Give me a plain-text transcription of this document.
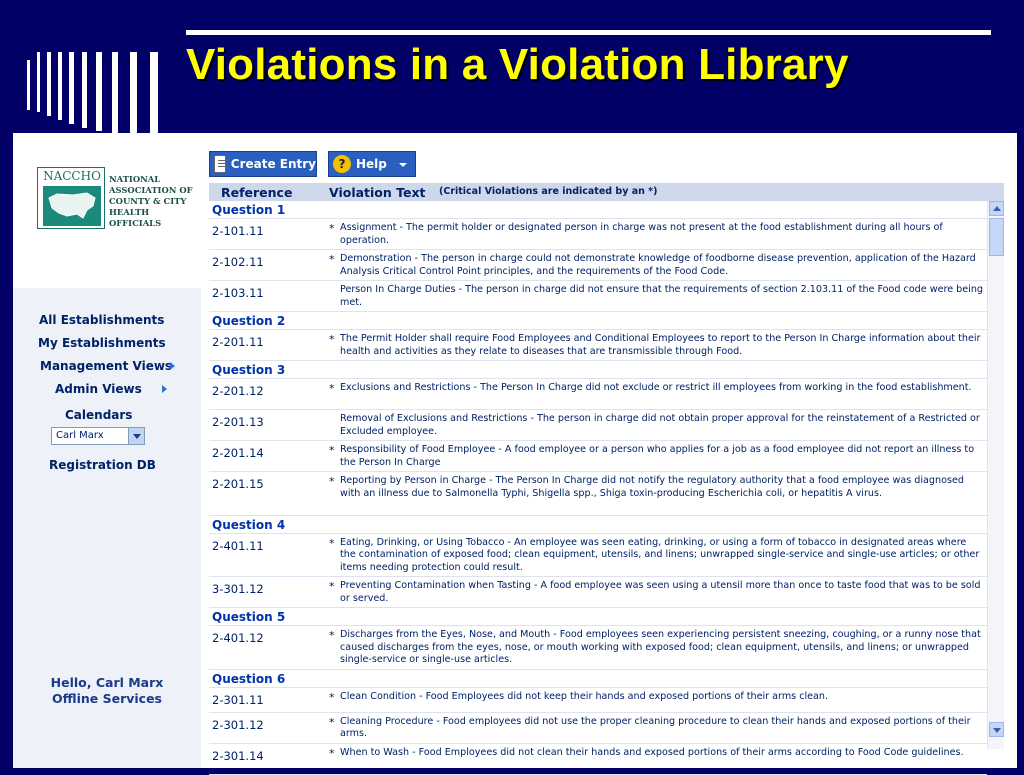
Violations in a Violation Library
NACCHO NATIONAL
ASSOCIATION OF
COUNTY & CITY
HEALTH OFFICIALS
All Establishments
My Establishments
Management Views
Admin Views
Calendars
Carl Marx
Registration DB
Hello, Carl Marx
Offline Services
Create Entry
?	Help
Reference	Violation Text (Critical Violations are indicated by an *)
Question 1
2-101.11	* Assignment - The permit holder or designated person in charge was not present at the food establishment during all hours of operation.
2-102.11	* Demonstration - The person in charge could not demonstrate knowledge of foodborne disease prevention, application of the Hazard Analysis Critical Control Point principles, and the requirements of the Food Code.
2-103.11	Person In Charge Duties - The person in charge did not ensure that the requirements of section 2.103.11 of the Food code were being met.
Question 2
2-201.11	* The Permit Holder shall require Food Employees and Conditional Employees to report to the Person In Charge information about their health and activities as they relate to diseases that are transmissible through Food.
Question 3
2-201.12	* Exclusions and Restrictions - The Person In Charge did not exclude or restrict ill employees from working in the food establishment.
2-201.13	Removal of Exclusions and Restrictions - The person in charge did not obtain proper approval for the reinstatement of a Restricted or Excluded employee.
2-201.14	* Responsibility of Food Employee - A food employee or a person who applies for a job as a food employee did not report an illness to the Person In Charge
2-201.15	* Reporting by Person in Charge - The Person In Charge did not notify the regulatory authority that a food employee was diagnosed with an illness due to Salmonella Typhi, Shigella spp., Shiga toxin-producing Escherichia coli, or hepatitis A virus.
Question 4
2-401.11	* Eating, Drinking, or Using Tobacco - An employee was seen eating, drinking, or using a form of tobacco in designated areas where the contamination of exposed food; clean equipment, utensils, and linens; unwrapped single-service and single-use articles; or other items needing protection could result.
3-301.12	* Preventing Contamination when Tasting - A food employee was seen using a utensil more than once to taste food that was to be sold or served.
Question 5
2-401.12	* Discharges from the Eyes, Nose, and Mouth - Food employees seen experiencing persistent sneezing, coughing, or a runny nose that caused discharges from the eyes, nose, or mouth working with exposed food; clean equipment, utensils, and linens; or unwrapped single-service or single-use articles.
Question 6
2-301.11	* Clean Condition - Food Employees did not keep their hands and exposed portions of their arms clean.
2-301.12	* Cleaning Procedure - Food employees did not use the proper cleaning procedure to clean their hands and exposed portions of their arms.
2-301.14	* When to Wash - Food Employees did not clean their hands and exposed portions of their arms according to Food Code guidelines.
